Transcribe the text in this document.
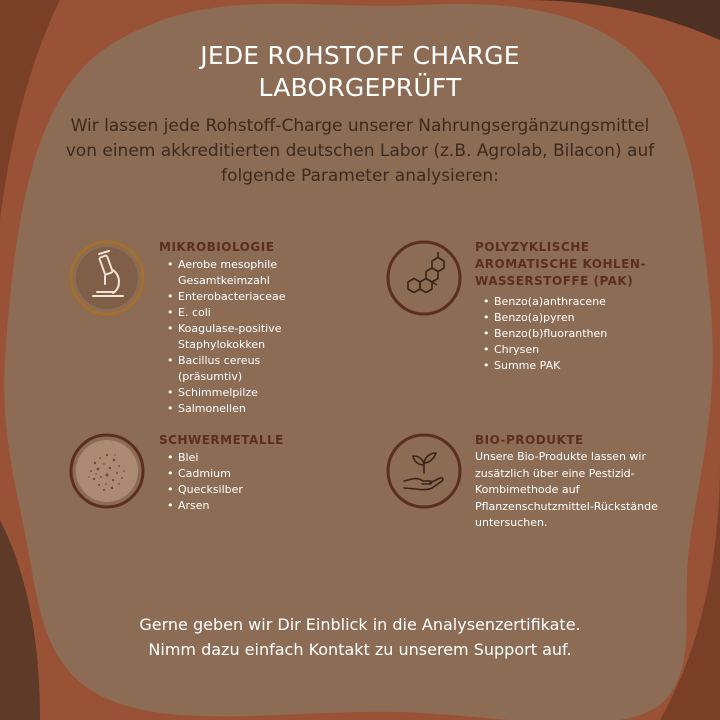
JEDE ROHSTOFF CHARGE
LABORGEPRÜFT
Wir lassen jede Rohstoff-Charge unserer Nahrungsergänzungsmittel von einem akkreditierten deutschen Labor (z.B. Agrolab, Bilacon) auf folgende Parameter analysieren:
MIKROBIOLOGIE
• Aerobe mesophile Gesamtkeimzahl
• Enterobacteriaceae
• E. coli
• Koagulase-positive Staphylokokken
• Bacillus cereus (präsumtiv)
• Schimmelpilze
• Salmonellen
POLYZYKLISCHE AROMATISCHE KOHLEN-WASSERSTOFFE (PAK)
• Benzo(a)anthracene
• Benzo(a)pyren
• Benzo(b)fluoranthen
• Chrysen
• Summe PAK
SCHWERMETALLE
• Blei
• Cadmium
• Quecksilber
• Arsen
BIO-PRODUKTE
Unsere Bio-Produkte lassen wir zusätzlich über eine Pestizid-Kombimethode auf Pflanzenschutzmittel-Rückstände untersuchen.
Gerne geben wir Dir Einblick in die Analysenzertifikate.
Nimm dazu einfach Kontakt zu unserem Support auf.
